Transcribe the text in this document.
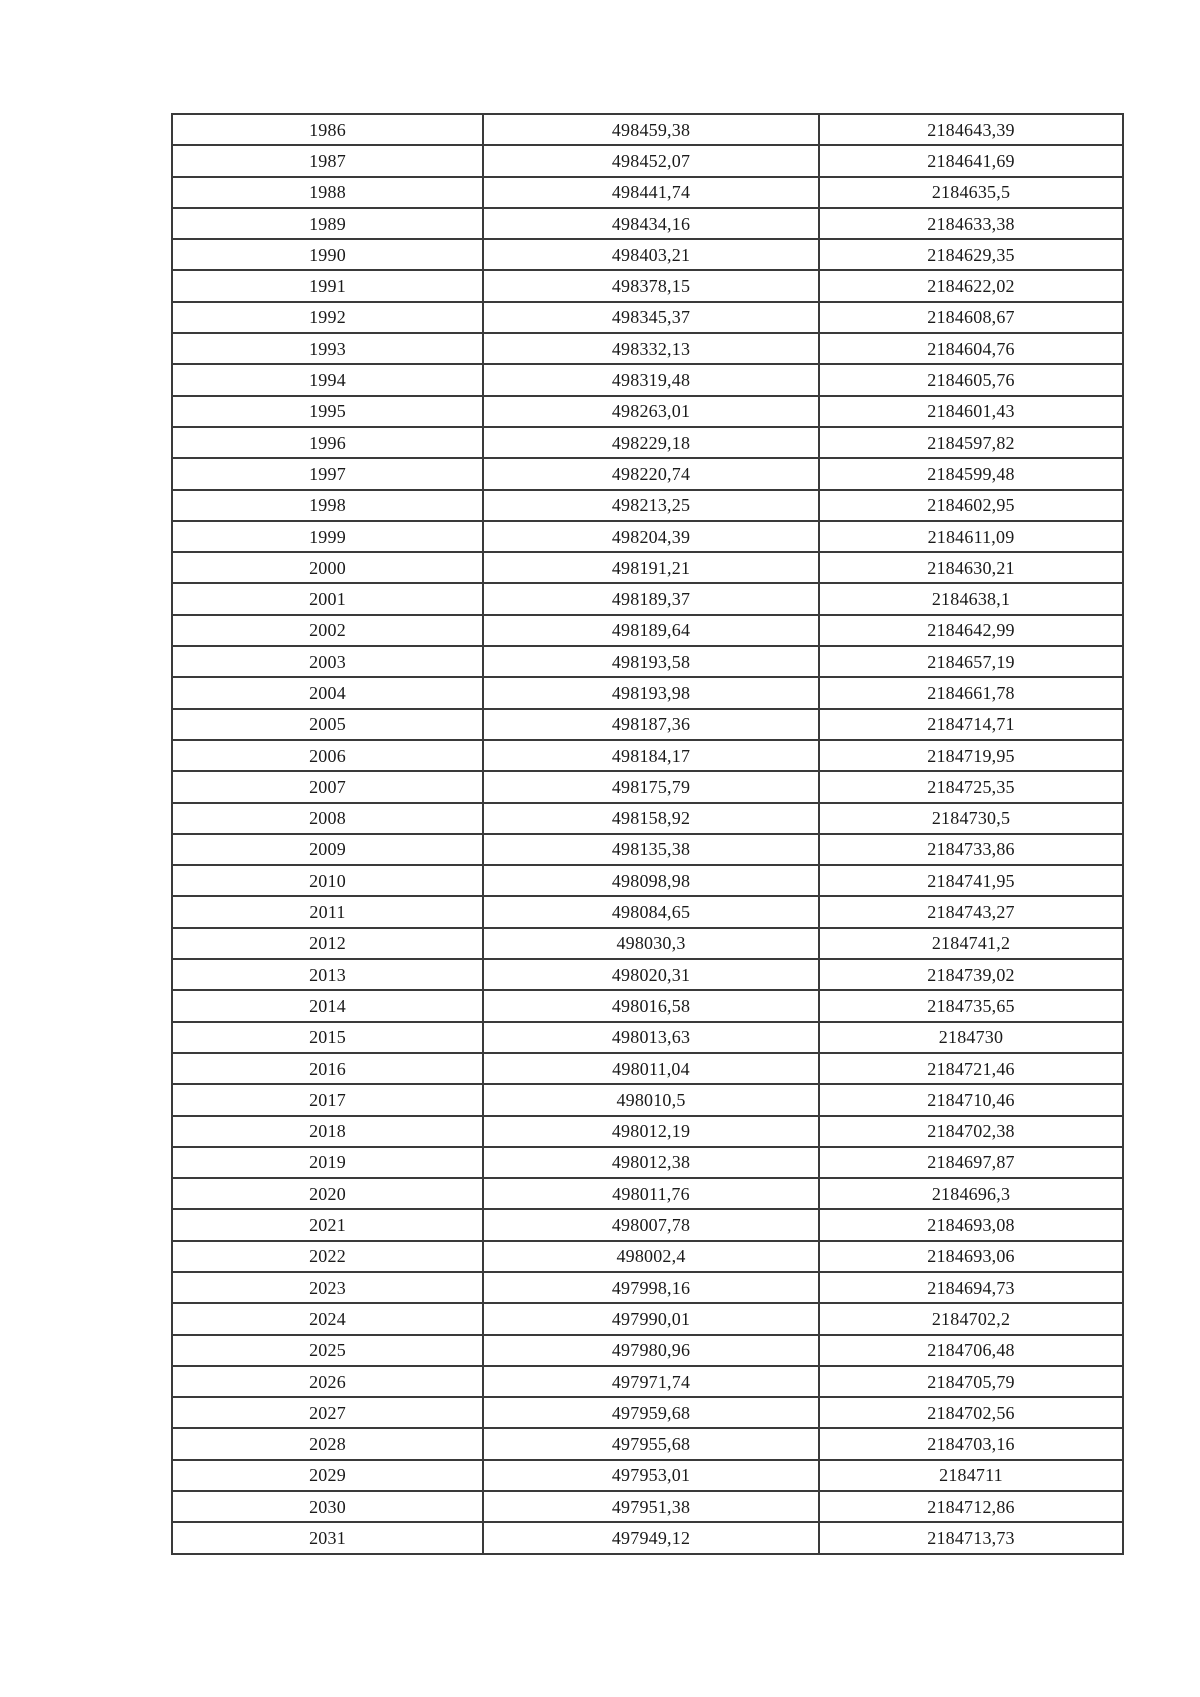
1986	498459,38	2184643,39
1987	498452,07	2184641,69
1988	498441,74	2184635,5
1989	498434,16	2184633,38
1990	498403,21	2184629,35
1991	498378,15	2184622,02
1992	498345,37	2184608,67
1993	498332,13	2184604,76
1994	498319,48	2184605,76
1995	498263,01	2184601,43
1996	498229,18	2184597,82
1997	498220,74	2184599,48
1998	498213,25	2184602,95
1999	498204,39	2184611,09
2000	498191,21	2184630,21
2001	498189,37	2184638,1
2002	498189,64	2184642,99
2003	498193,58	2184657,19
2004	498193,98	2184661,78
2005	498187,36	2184714,71
2006	498184,17	2184719,95
2007	498175,79	2184725,35
2008	498158,92	2184730,5
2009	498135,38	2184733,86
2010	498098,98	2184741,95
2011	498084,65	2184743,27
2012	498030,3	2184741,2
2013	498020,31	2184739,02
2014	498016,58	2184735,65
2015	498013,63	2184730
2016	498011,04	2184721,46
2017	498010,5	2184710,46
2018	498012,19	2184702,38
2019	498012,38	2184697,87
2020	498011,76	2184696,3
2021	498007,78	2184693,08
2022	498002,4	2184693,06
2023	497998,16	2184694,73
2024	497990,01	2184702,2
2025	497980,96	2184706,48
2026	497971,74	2184705,79
2027	497959,68	2184702,56
2028	497955,68	2184703,16
2029	497953,01	2184711
2030	497951,38	2184712,86
2031	497949,12	2184713,73
